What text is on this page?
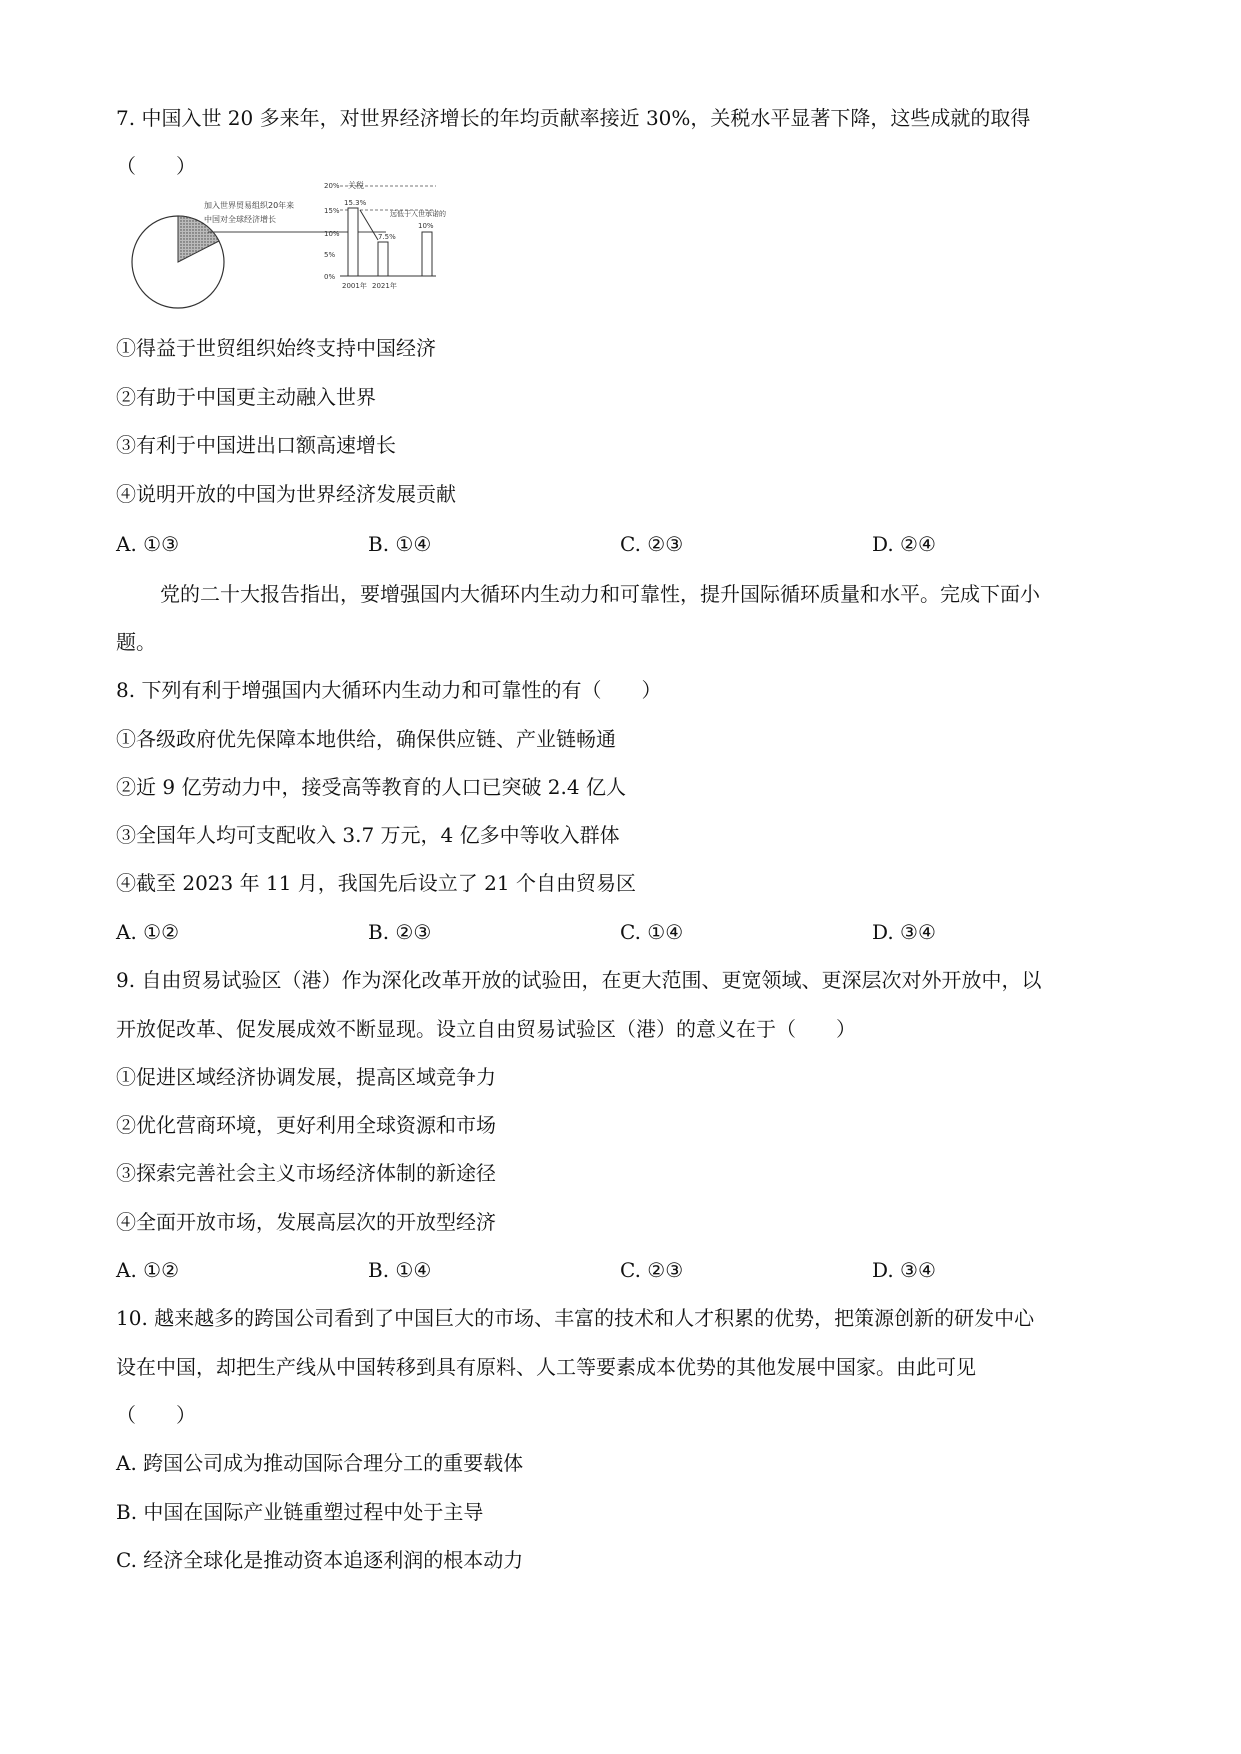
7. 中国入世 20 多来年，对世界经济增长的年均贡献率接近 30%，关税水平显著下降，这些成就的取得
（　　）
加入世界贸易组织20年来
中国对全球经济增长
关税
20%
15%
10%
5%
0%
15.3%
7.5%
远低于入世承诺的
10%
2001年 2021年
①得益于世贸组织始终支持中国经济
②有助于中国更主动融入世界
③有利于中国进出口额高速增长
④说明开放的中国为世界经济发展贡献
A. ①③	B. ①④	C. ②③	D. ②④
党的二十大报告指出，要增强国内大循环内生动力和可靠性，提升国际循环质量和水平。完成下面小
题。
8. 下列有利于增强国内大循环内生动力和可靠性的有（　　）
①各级政府优先保障本地供给，确保供应链、产业链畅通
②近 9 亿劳动力中，接受高等教育的人口已突破 2.4 亿人
③全国年人均可支配收入 3.7 万元，4 亿多中等收入群体
④截至 2023 年 11 月，我国先后设立了 21 个自由贸易区
A. ①②	B. ②③	C. ①④	D. ③④
9. 自由贸易试验区（港）作为深化改革开放的试验田，在更大范围、更宽领域、更深层次对外开放中，以
开放促改革、促发展成效不断显现。设立自由贸易试验区（港）的意义在于（　　）
①促进区域经济协调发展，提高区域竞争力
②优化营商环境，更好利用全球资源和市场
③探索完善社会主义市场经济体制的新途径
④全面开放市场，发展高层次的开放型经济
A. ①②	B. ①④	C. ②③	D. ③④
10. 越来越多的跨国公司看到了中国巨大的市场、丰富的技术和人才积累的优势，把策源创新的研发中心
设在中国，却把生产线从中国转移到具有原料、人工等要素成本优势的其他发展中国家。由此可见
（　　）
A. 跨国公司成为推动国际合理分工的重要载体
B. 中国在国际产业链重塑过程中处于主导
C. 经济全球化是推动资本追逐利润的根本动力
